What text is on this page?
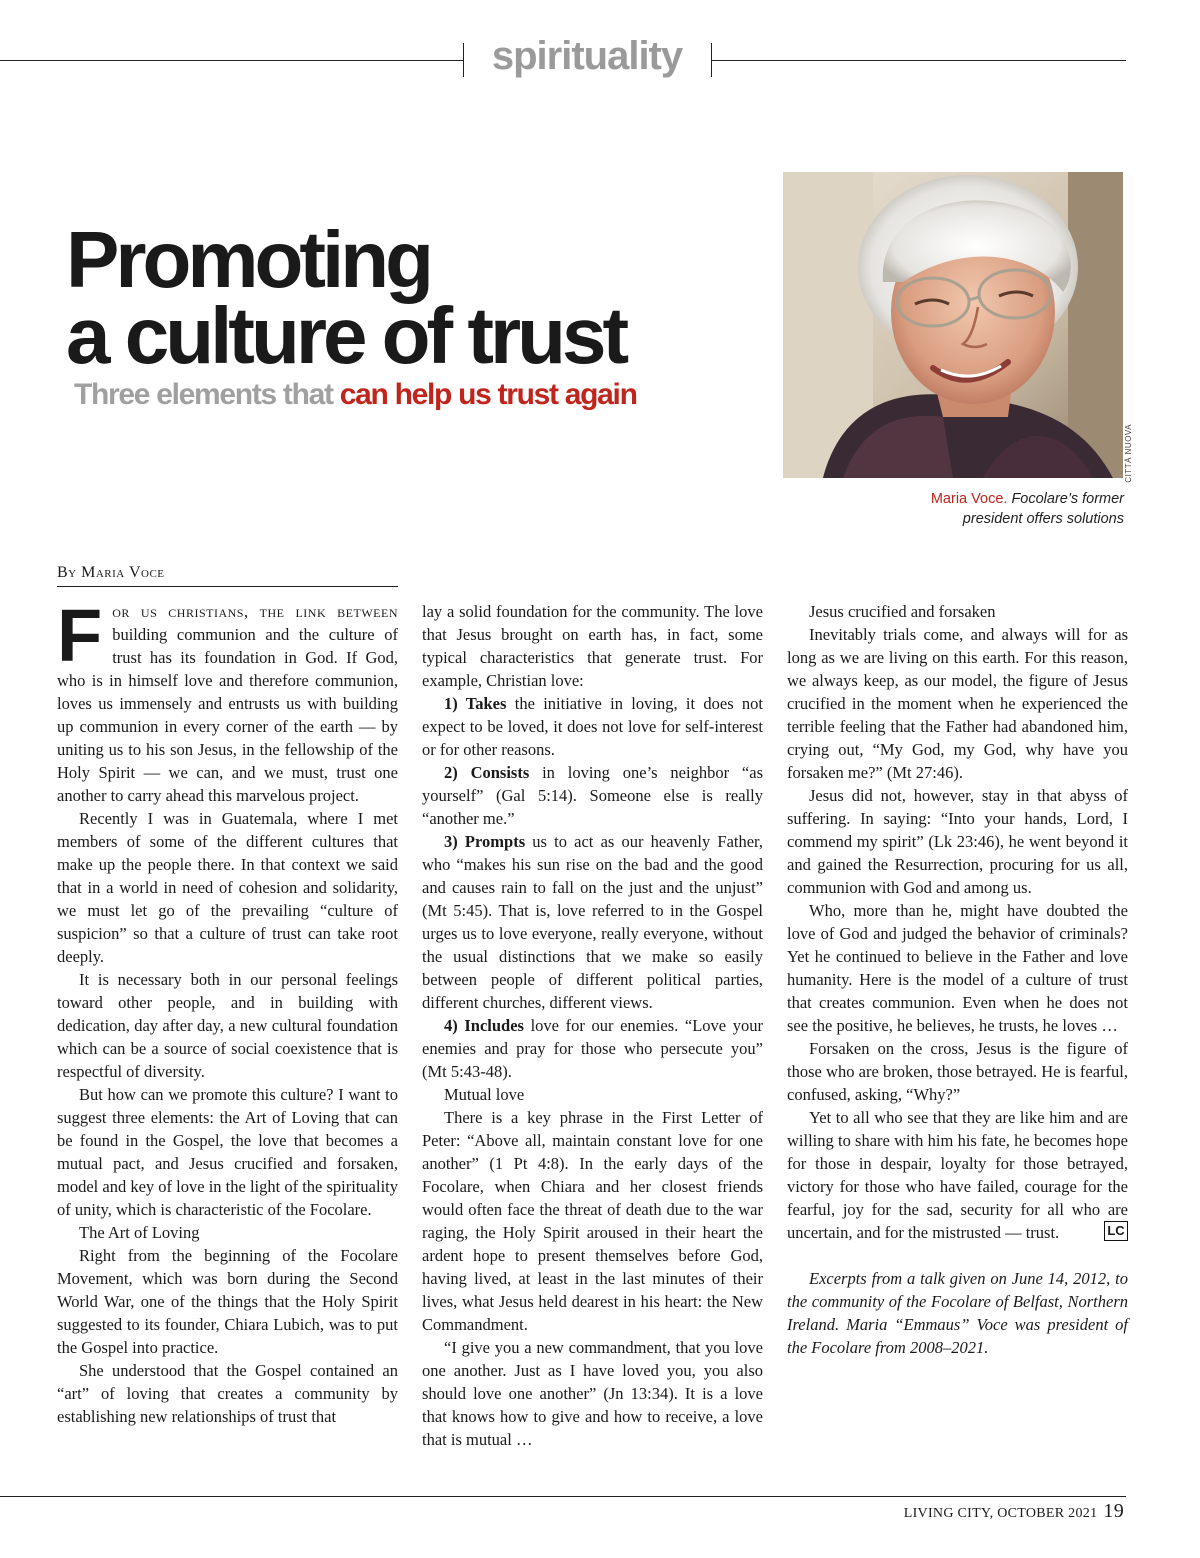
spirituality
Promoting
a culture of trust
Three elements that can help us trust again
CITTÀ NUOVA
Maria Voce. Focolare’s former
president offers solutions
By Maria Voce

For us christians, the link between building communion and the culture of trust has its foundation in God. If God, who is in himself love and therefore communion, loves us immensely and entrusts us with building up communion in every corner of the earth — by uniting us to his son Jesus, in the fellowship of the Holy Spirit — we can, and we must, trust one another to carry ahead this marvelous project.

Recently I was in Guatemala, where I met members of some of the different cultures that make up the people there. In that context we said that in a world in need of cohesion and solidarity, we must let go of the prevailing “culture of suspicion” so that a culture of trust can take root deeply.

It is necessary both in our personal feelings toward other people, and in building with dedication, day after day, a new cultural foundation which can be a source of social coexistence that is respectful of diversity.

But how can we promote this culture? I want to suggest three elements: the Art of Loving that can be found in the Gospel, the love that becomes a mutual pact, and Jesus crucified and forsaken, model and key of love in the light of the spirituality of unity, which is characteristic of the Focolare.

The Art of Loving

Right from the beginning of the Focolare Movement, which was born during the Second World War, one of the things that the Holy Spirit suggested to its founder, Chiara Lubich, was to put the Gospel into practice.

She understood that the Gospel contained an “art” of loving that creates a community by establishing new relationships of trust that

lay a solid foundation for the community. The love that Jesus brought on earth has, in fact, some typical characteristics that generate trust. For example, Christian love:

1) Takes the initiative in loving, it does not expect to be loved, it does not love for self-interest or for other reasons.

2) Consists in loving one’s neighbor “as yourself” (Gal 5:14). Someone else is really “another me.”

3) Prompts us to act as our heavenly Father, who “makes his sun rise on the bad and the good and causes rain to fall on the just and the unjust” (Mt 5:45). That is, love referred to in the Gospel urges us to love everyone, really everyone, without the usual distinctions that we make so easily between people of different political parties, different churches, different views.

4) Includes love for our enemies. “Love your enemies and pray for those who persecute you” (Mt 5:43-48).

Mutual love

There is a key phrase in the First Letter of Peter: “Above all, maintain constant love for one another” (1 Pt 4:8). In the early days of the Focolare, when Chiara and her closest friends would often face the threat of death due to the war raging, the Holy Spirit aroused in their heart the ardent hope to present themselves before God, having lived, at least in the last minutes of their lives, what Jesus held dearest in his heart: the New Commandment.

“I give you a new commandment, that you love one another. Just as I have loved you, you also should love one another” (Jn 13:34). It is a love that knows how to give and how to receive, a love that is mutual …

Jesus crucified and forsaken

Inevitably trials come, and always will for as long as we are living on this earth. For this reason, we always keep, as our model, the figure of Jesus crucified in the moment when he experienced the terrible feeling that the Father had abandoned him, crying out, “My God, my God, why have you forsaken me?” (Mt 27:46).

Jesus did not, however, stay in that abyss of suffering. In saying: “Into your hands, Lord, I commend my spirit” (Lk 23:46), he went beyond it and gained the Resurrection, procuring for us all, communion with God and among us.

Who, more than he, might have doubted the love of God and judged the behavior of criminals? Yet he continued to believe in the Father and love humanity. Here is the model of a culture of trust that creates communion. Even when he does not see the positive, he believes, he trusts, he loves …

Forsaken on the cross, Jesus is the figure of those who are broken, those betrayed. He is fearful, confused, asking, “Why?”

Yet to all who see that they are like him and are willing to share with him his fate, he becomes hope for those in despair, loyalty for those betrayed, victory for those who have failed, courage for the fearful, joy for the sad, security for all who are uncertain, and for the mistrusted — trust.	LC

Excerpts from a talk given on June 14, 2012, to the community of the Focolare of Belfast, Northern Ireland. Maria “Emmaus” Voce was president of the Focolare from 2008–2021.

LIVING CITY, OCTOBER 2021 19
